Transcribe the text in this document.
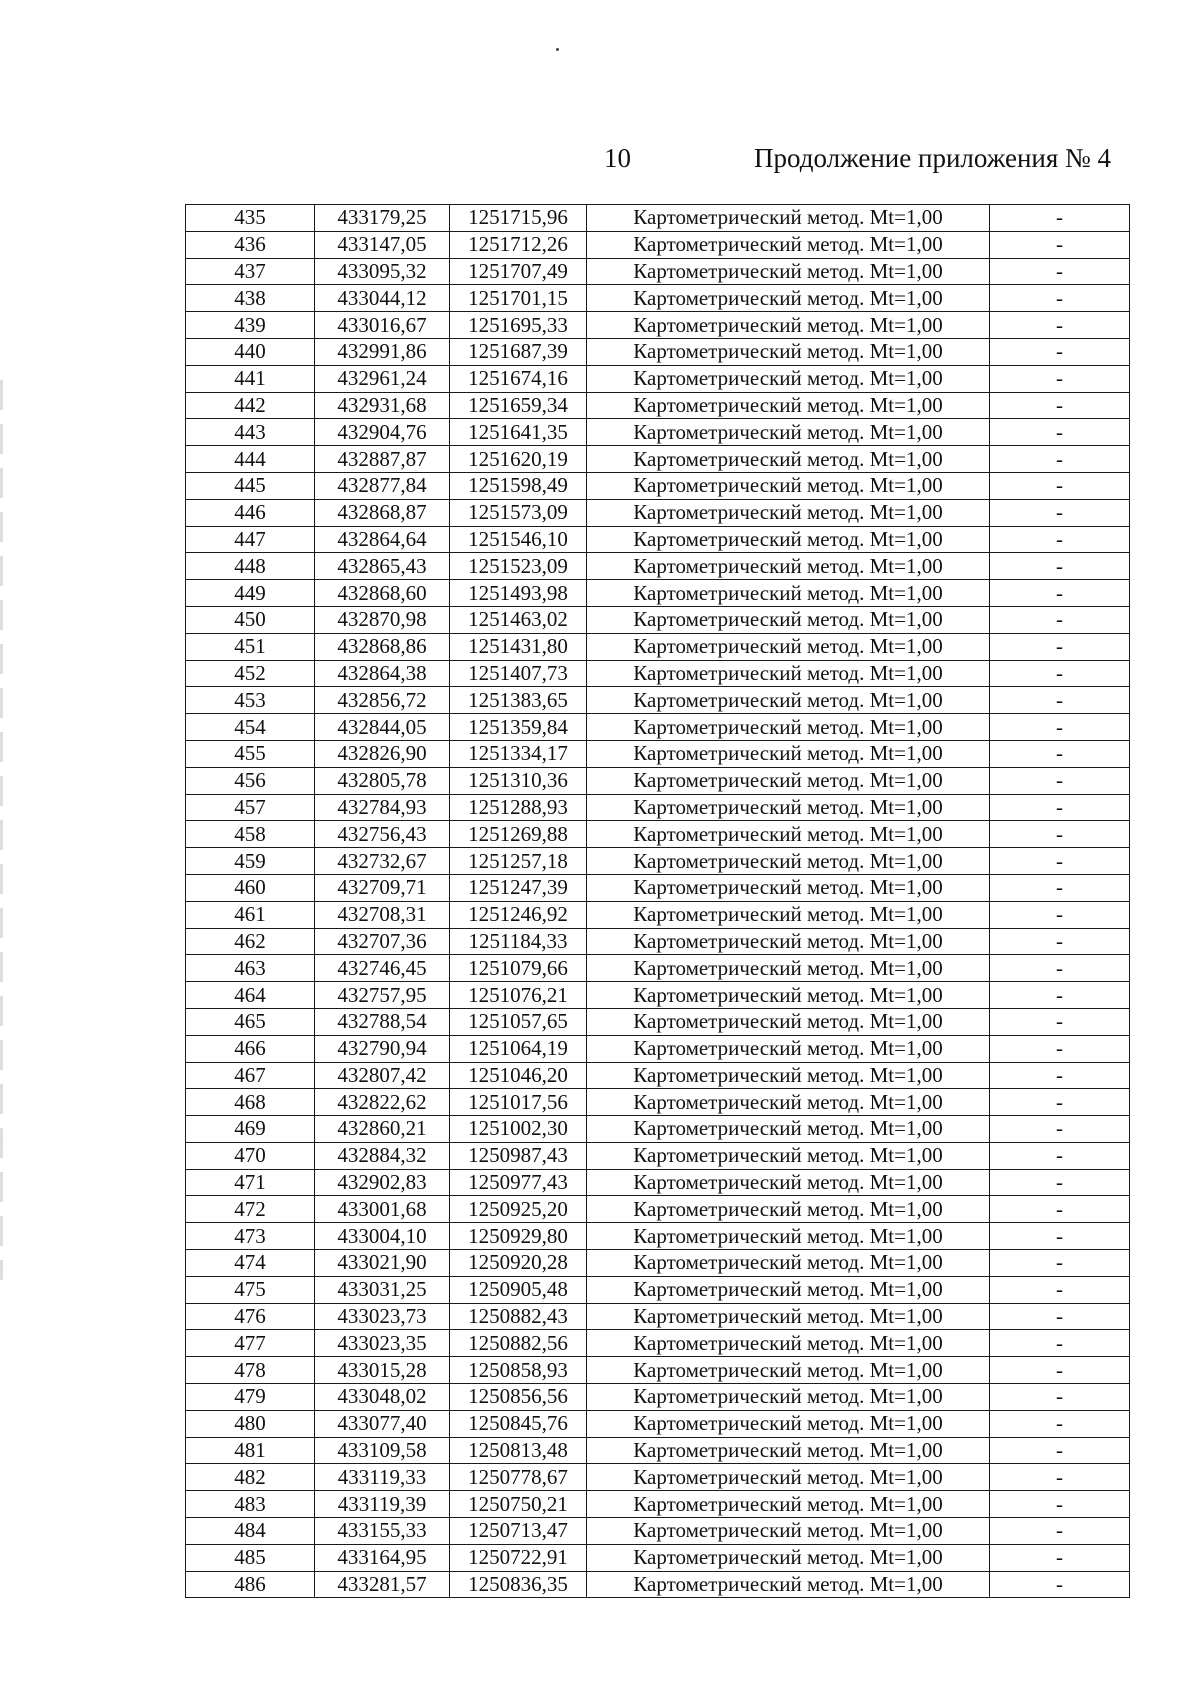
10	Продолжение приложения № 4
435	433179,25	1251715,96	Картометрический метод. Mt=1,00	-
436	433147,05	1251712,26	Картометрический метод. Mt=1,00	-
437	433095,32	1251707,49	Картометрический метод. Mt=1,00	-
438	433044,12	1251701,15	Картометрический метод. Mt=1,00	-
439	433016,67	1251695,33	Картометрический метод. Mt=1,00	-
440	432991,86	1251687,39	Картометрический метод. Mt=1,00	-
441	432961,24	1251674,16	Картометрический метод. Mt=1,00	-
442	432931,68	1251659,34	Картометрический метод. Mt=1,00	-
443	432904,76	1251641,35	Картометрический метод. Mt=1,00	-
444	432887,87	1251620,19	Картометрический метод. Mt=1,00	-
445	432877,84	1251598,49	Картометрический метод. Mt=1,00	-
446	432868,87	1251573,09	Картометрический метод. Mt=1,00	-
447	432864,64	1251546,10	Картометрический метод. Mt=1,00	-
448	432865,43	1251523,09	Картометрический метод. Mt=1,00	-
449	432868,60	1251493,98	Картометрический метод. Mt=1,00	-
450	432870,98	1251463,02	Картометрический метод. Mt=1,00	-
451	432868,86	1251431,80	Картометрический метод. Mt=1,00	-
452	432864,38	1251407,73	Картометрический метод. Mt=1,00	-
453	432856,72	1251383,65	Картометрический метод. Mt=1,00	-
454	432844,05	1251359,84	Картометрический метод. Mt=1,00	-
455	432826,90	1251334,17	Картометрический метод. Mt=1,00	-
456	432805,78	1251310,36	Картометрический метод. Mt=1,00	-
457	432784,93	1251288,93	Картометрический метод. Mt=1,00	-
458	432756,43	1251269,88	Картометрический метод. Mt=1,00	-
459	432732,67	1251257,18	Картометрический метод. Mt=1,00	-
460	432709,71	1251247,39	Картометрический метод. Mt=1,00	-
461	432708,31	1251246,92	Картометрический метод. Mt=1,00	-
462	432707,36	1251184,33	Картометрический метод. Mt=1,00	-
463	432746,45	1251079,66	Картометрический метод. Mt=1,00	-
464	432757,95	1251076,21	Картометрический метод. Mt=1,00	-
465	432788,54	1251057,65	Картометрический метод. Mt=1,00	-
466	432790,94	1251064,19	Картометрический метод. Mt=1,00	-
467	432807,42	1251046,20	Картометрический метод. Mt=1,00	-
468	432822,62	1251017,56	Картометрический метод. Mt=1,00	-
469	432860,21	1251002,30	Картометрический метод. Mt=1,00	-
470	432884,32	1250987,43	Картометрический метод. Mt=1,00	-
471	432902,83	1250977,43	Картометрический метод. Mt=1,00	-
472	433001,68	1250925,20	Картометрический метод. Mt=1,00	-
473	433004,10	1250929,80	Картометрический метод. Mt=1,00	-
474	433021,90	1250920,28	Картометрический метод. Mt=1,00	-
475	433031,25	1250905,48	Картометрический метод. Mt=1,00	-
476	433023,73	1250882,43	Картометрический метод. Mt=1,00	-
477	433023,35	1250882,56	Картометрический метод. Mt=1,00	-
478	433015,28	1250858,93	Картометрический метод. Mt=1,00	-
479	433048,02	1250856,56	Картометрический метод. Mt=1,00	-
480	433077,40	1250845,76	Картометрический метод. Mt=1,00	-
481	433109,58	1250813,48	Картометрический метод. Mt=1,00	-
482	433119,33	1250778,67	Картометрический метод. Mt=1,00	-
483	433119,39	1250750,21	Картометрический метод. Mt=1,00	-
484	433155,33	1250713,47	Картометрический метод. Mt=1,00	-
485	433164,95	1250722,91	Картометрический метод. Mt=1,00	-
486	433281,57	1250836,35	Картометрический метод. Mt=1,00	-
